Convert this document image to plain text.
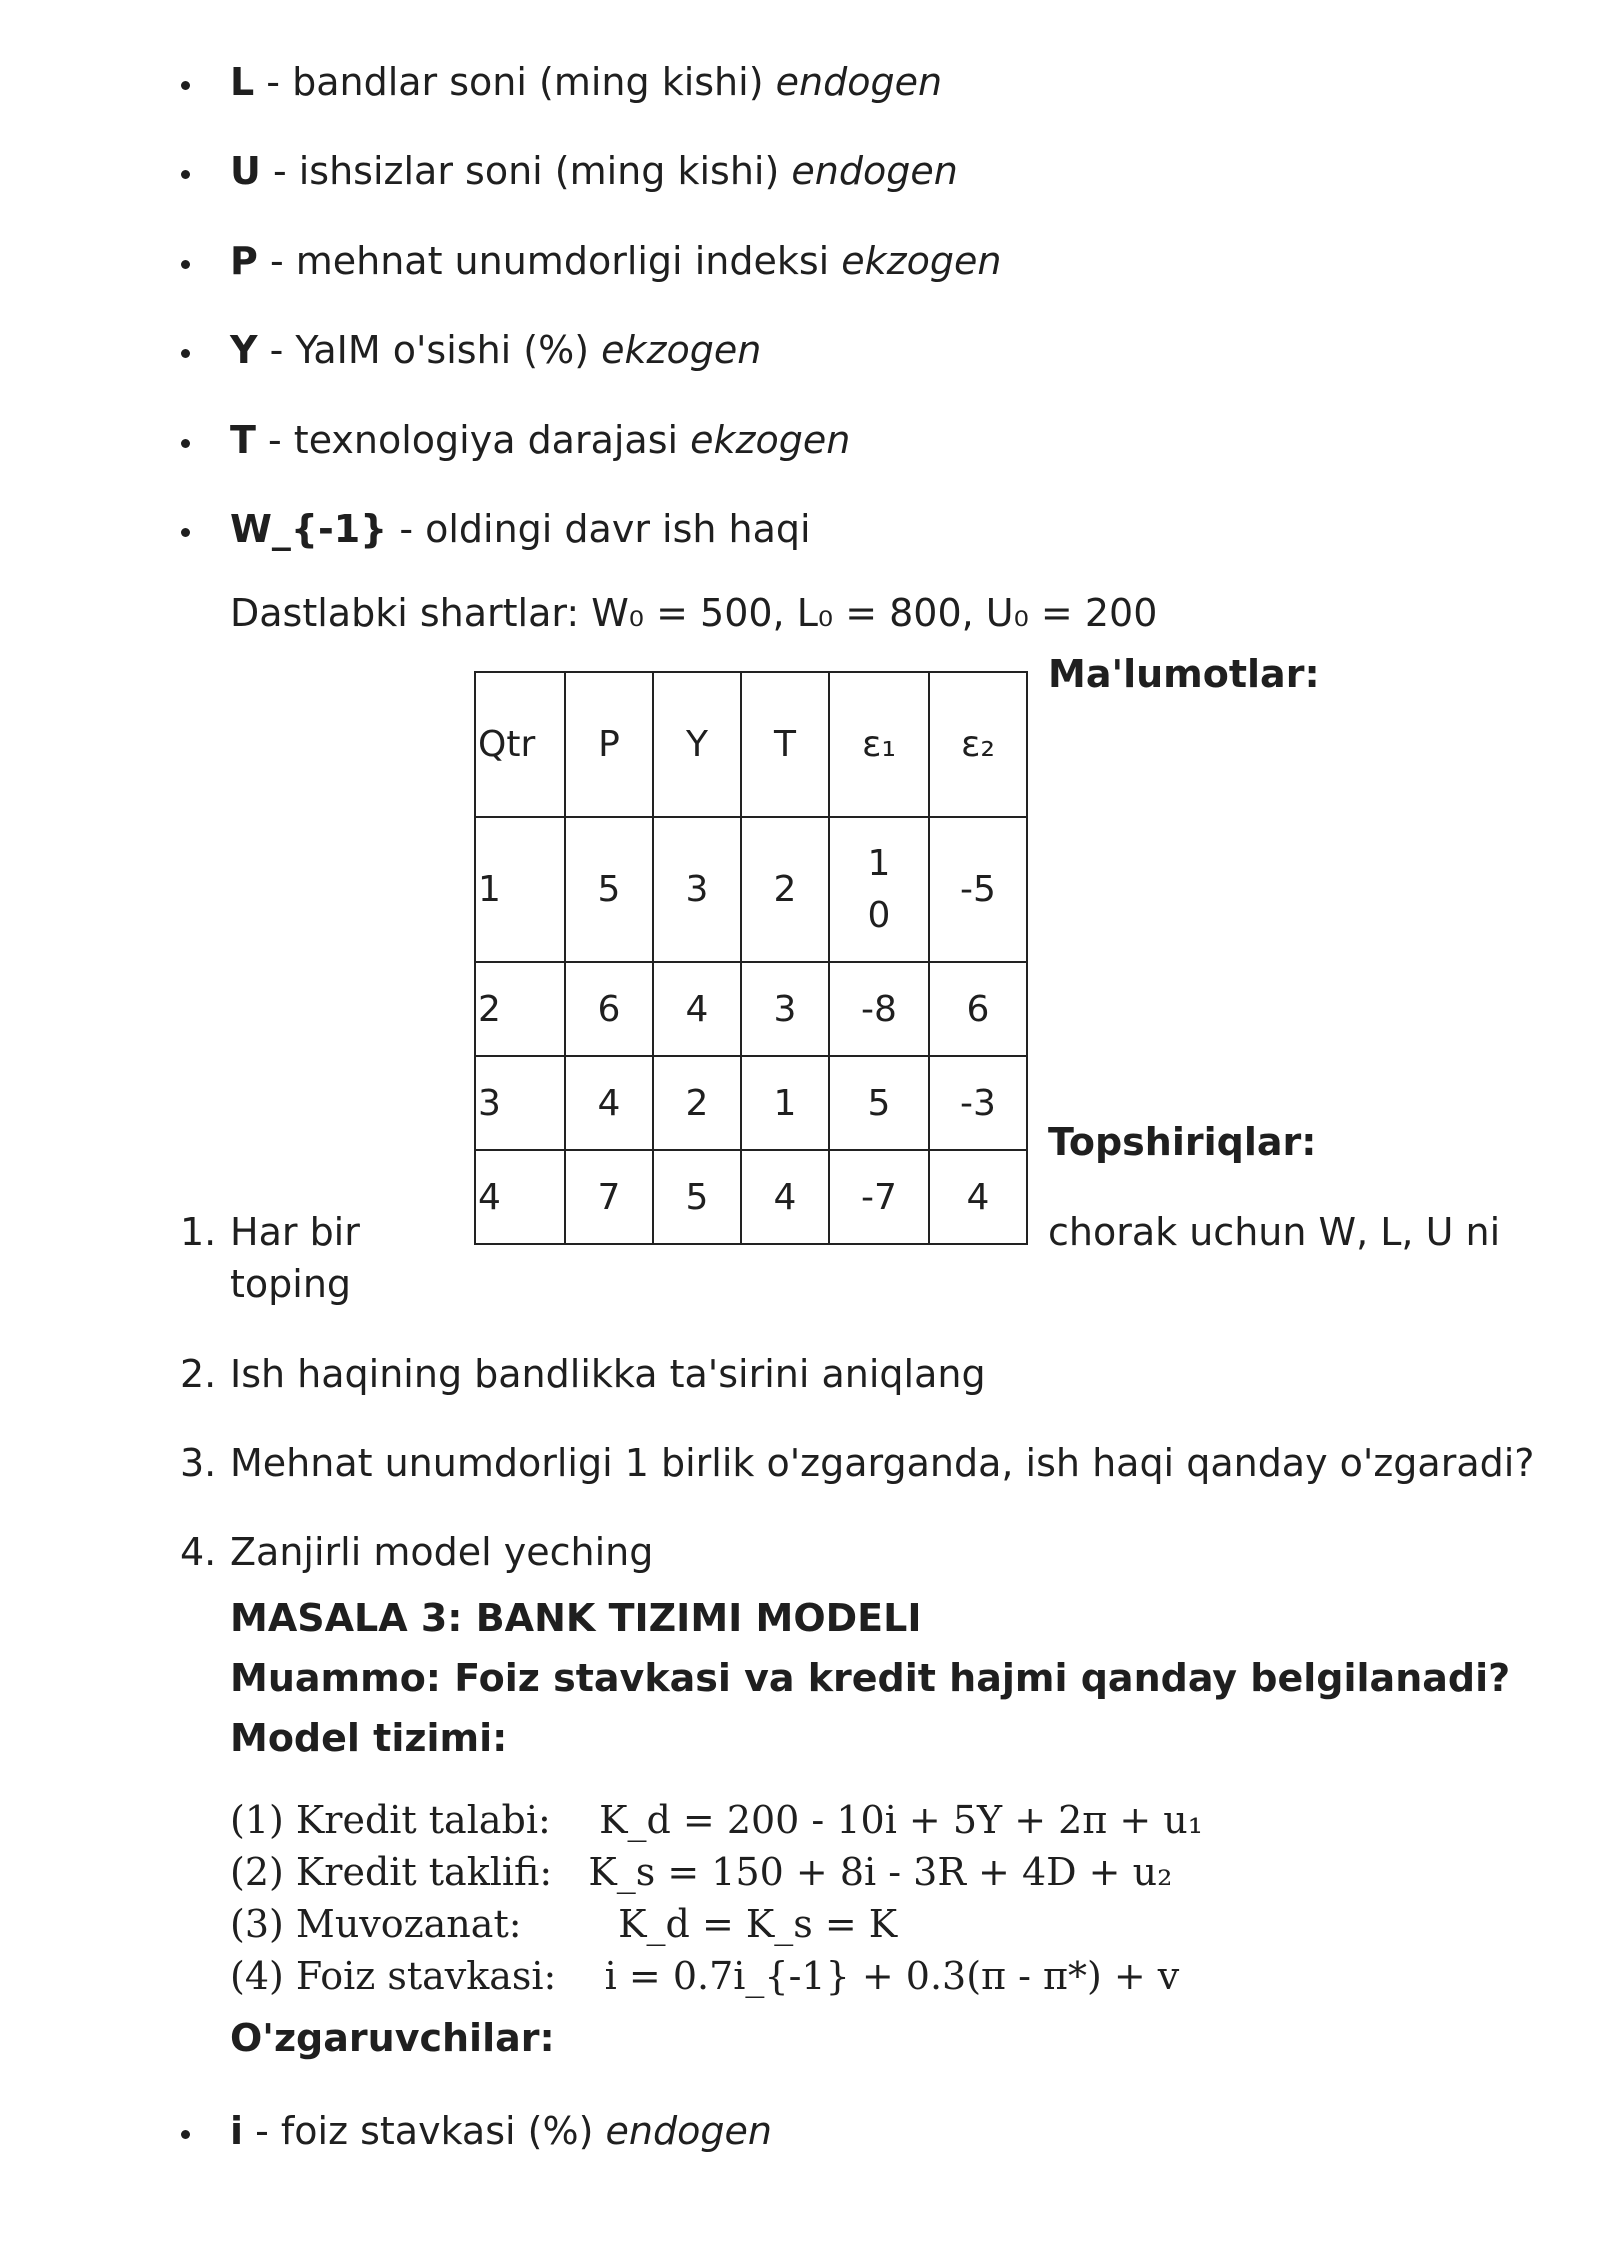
L - bandlar soni (ming kishi) endogen
U - ishsizlar soni (ming kishi) endogen
P - mehnat unumdorligi indeksi ekzogen
Y - YaIM o'sishi (%) ekzogen
T - texnologiya darajasi ekzogen
W_{-1} - oldingi davr ish haqi
Dastlabki shartlar: W₀ = 500, L₀ = 800, U₀ = 200
Ma'lumotlar:
Qtr	P	Y	T	ε₁	ε₂
1	5	3	2	10	-5
2	6	4	3	-8	6
3	4	2	1	5	-3
4	7	5	4	-7	4
Topshiriqlar:
1. Har bir	chorak uchun W, L, U ni
toping
2. Ish haqining bandlikka ta'sirini aniqlang
3. Mehnat unumdorligi 1 birlik o'zgarganda, ish haqi qanday o'zgaradi?
4. Zanjirli model yeching
MASALA 3: BANK TIZIMI MODELI
Muammo: Foiz stavkasi va kredit hajmi qanday belgilanadi?
Model tizimi:
(1) Kredit talabi:    K_d = 200 - 10i + 5Y + 2π + u₁
(2) Kredit taklifi:   K_s = 150 + 8i - 3R + 4D + u₂
(3) Muvozanat:        K_d = K_s = K
(4) Foiz stavkasi:    i = 0.7i_{-1} + 0.3(π - π*) + v
O'zgaruvchilar:
i - foiz stavkasi (%) endogen
